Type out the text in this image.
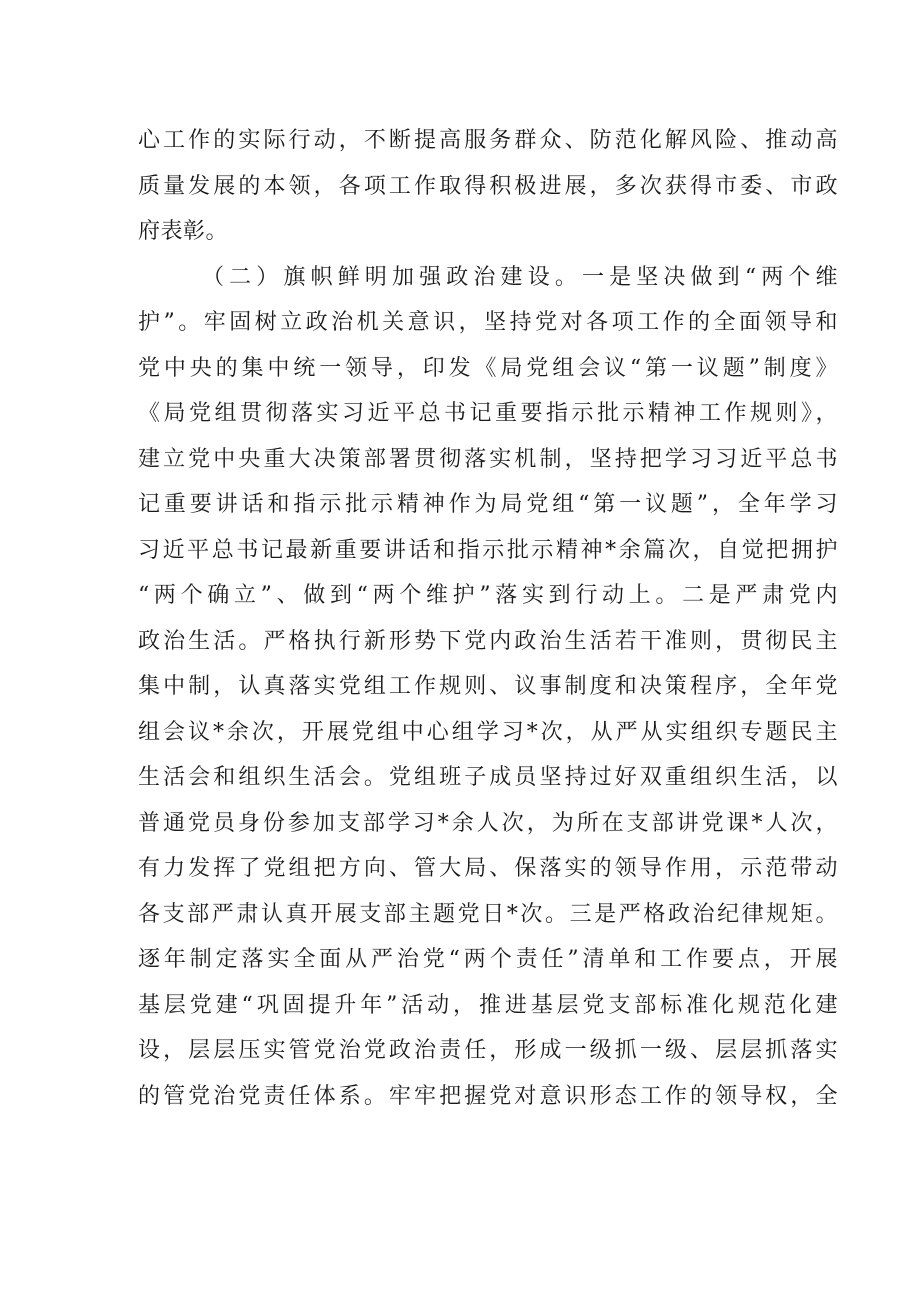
心工作的实际行动，不断提高服务群众、防范化解风险、推动高
质量发展的本领，各项工作取得积极进展，多次获得市委、市政
府表彰。
（二）旗帜鲜明加强政治建设。一是坚决做到“两个维
护”。牢固树立政治机关意识，坚持党对各项工作的全面领导和
党中央的集中统一领导，印发《局党组会议“第一议题”制度》
《局党组贯彻落实习近平总书记重要指示批示精神工作规则》，
建立党中央重大决策部署贯彻落实机制，坚持把学习习近平总书
记重要讲话和指示批示精神作为局党组“第一议题”，全年学习
习近平总书记最新重要讲话和指示批示精神*余篇次，自觉把拥护
“两个确立”、做到“两个维护”落实到行动上。二是严肃党内
政治生活。严格执行新形势下党内政治生活若干准则，贯彻民主
集中制，认真落实党组工作规则、议事制度和决策程序，全年党
组会议*余次，开展党组中心组学习*次，从严从实组织专题民主
生活会和组织生活会。党组班子成员坚持过好双重组织生活，以
普通党员身份参加支部学习*余人次，为所在支部讲党课*人次，
有力发挥了党组把方向、管大局、保落实的领导作用，示范带动
各支部严肃认真开展支部主题党日*次。三是严格政治纪律规矩。
逐年制定落实全面从严治党“两个责任”清单和工作要点，开展
基层党建“巩固提升年”活动，推进基层党支部标准化规范化建
设，层层压实管党治党政治责任，形成一级抓一级、层层抓落实
的管党治党责任体系。牢牢把握党对意识形态工作的领导权，全
